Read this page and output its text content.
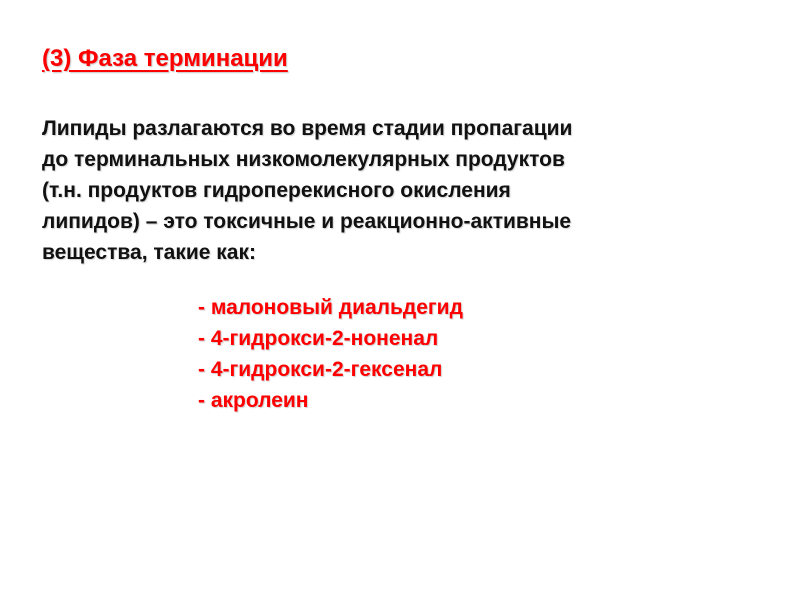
(3) Фаза терминации
Липиды разлагаются во время стадии пропагации
до терминальных низкомолекулярных продуктов
(т.н. продуктов гидроперекисного окисления
липидов) – это токсичные и реакционно-активные
вещества, такие как:
- малоновый диальдегид
- 4-гидрокси-2-ноненал
- 4-гидрокси-2-гексенал
- акролеин
